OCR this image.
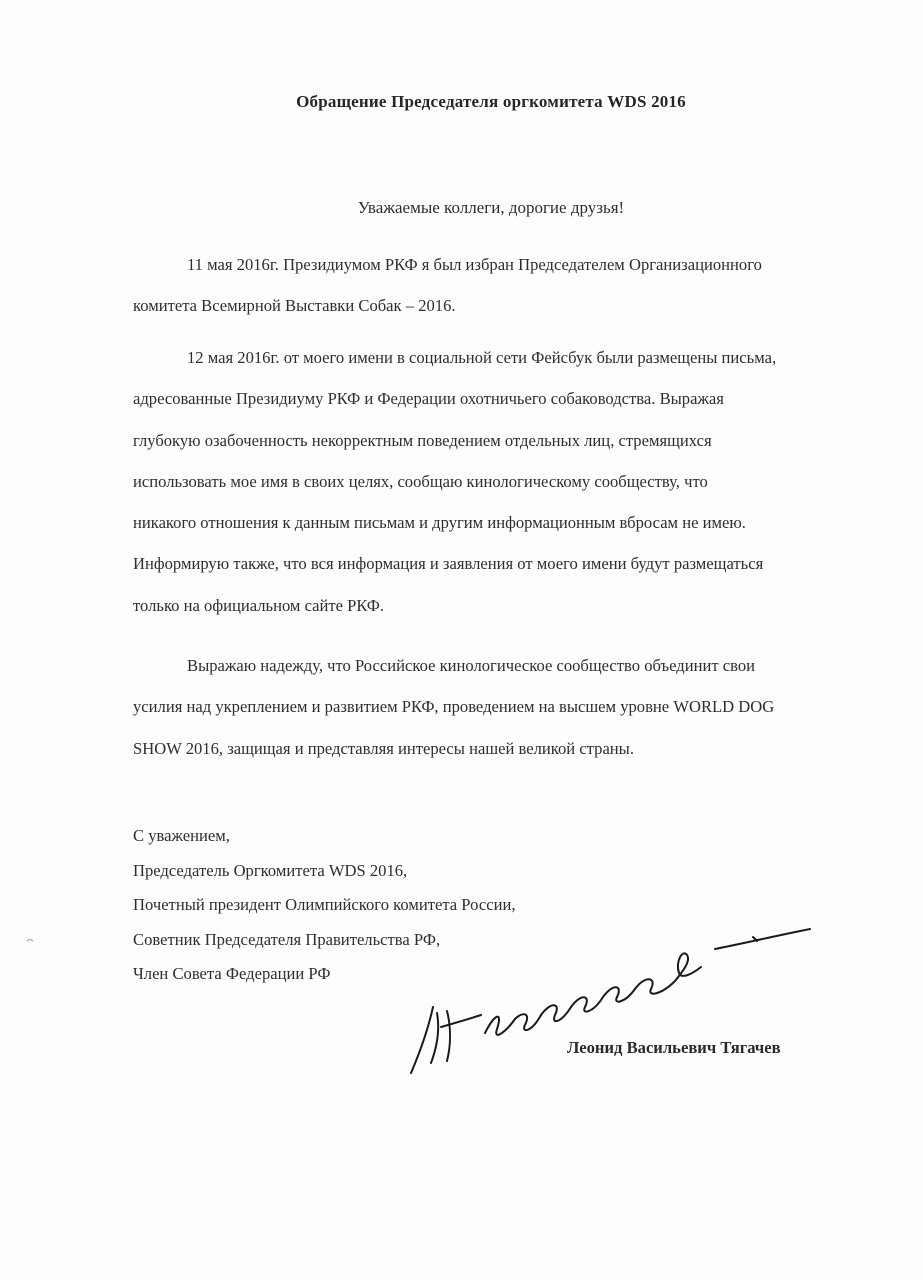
Обращение Председателя оргкомитета WDS 2016
Уважаемые коллеги, дорогие друзья!
11 мая 2016г. Президиумом РКФ я был избран Председателем Организационного
комитета Всемирной Выставки Собак – 2016.
12 мая 2016г. от моего имени в социальной сети Фейсбук были размещены письма,
адресованные Президиуму РКФ и Федерации охотничьего собаководства. Выражая
глубокую озабоченность некорректным поведением отдельных лиц, стремящихся
использовать мое имя в своих целях, сообщаю кинологическому сообществу, что
никакого отношения к данным письмам и другим информационным вбросам не имею.
Информирую также, что вся информация и заявления от моего имени будут размещаться
только на официальном сайте РКФ.
Выражаю надежду, что Российское кинологическое сообщество объединит свои
усилия над укреплением и развитием РКФ, проведением на высшем уровне WORLD DOG
SHOW 2016, защищая и представляя интересы нашей великой страны.
С уважением,
Председатель Оргкомитета WDS 2016,
Почетный президент Олимпийского комитета России,
Советник Председателя Правительства РФ,
Член Совета Федерации РФ
Леонид Васильевич Тягачев
